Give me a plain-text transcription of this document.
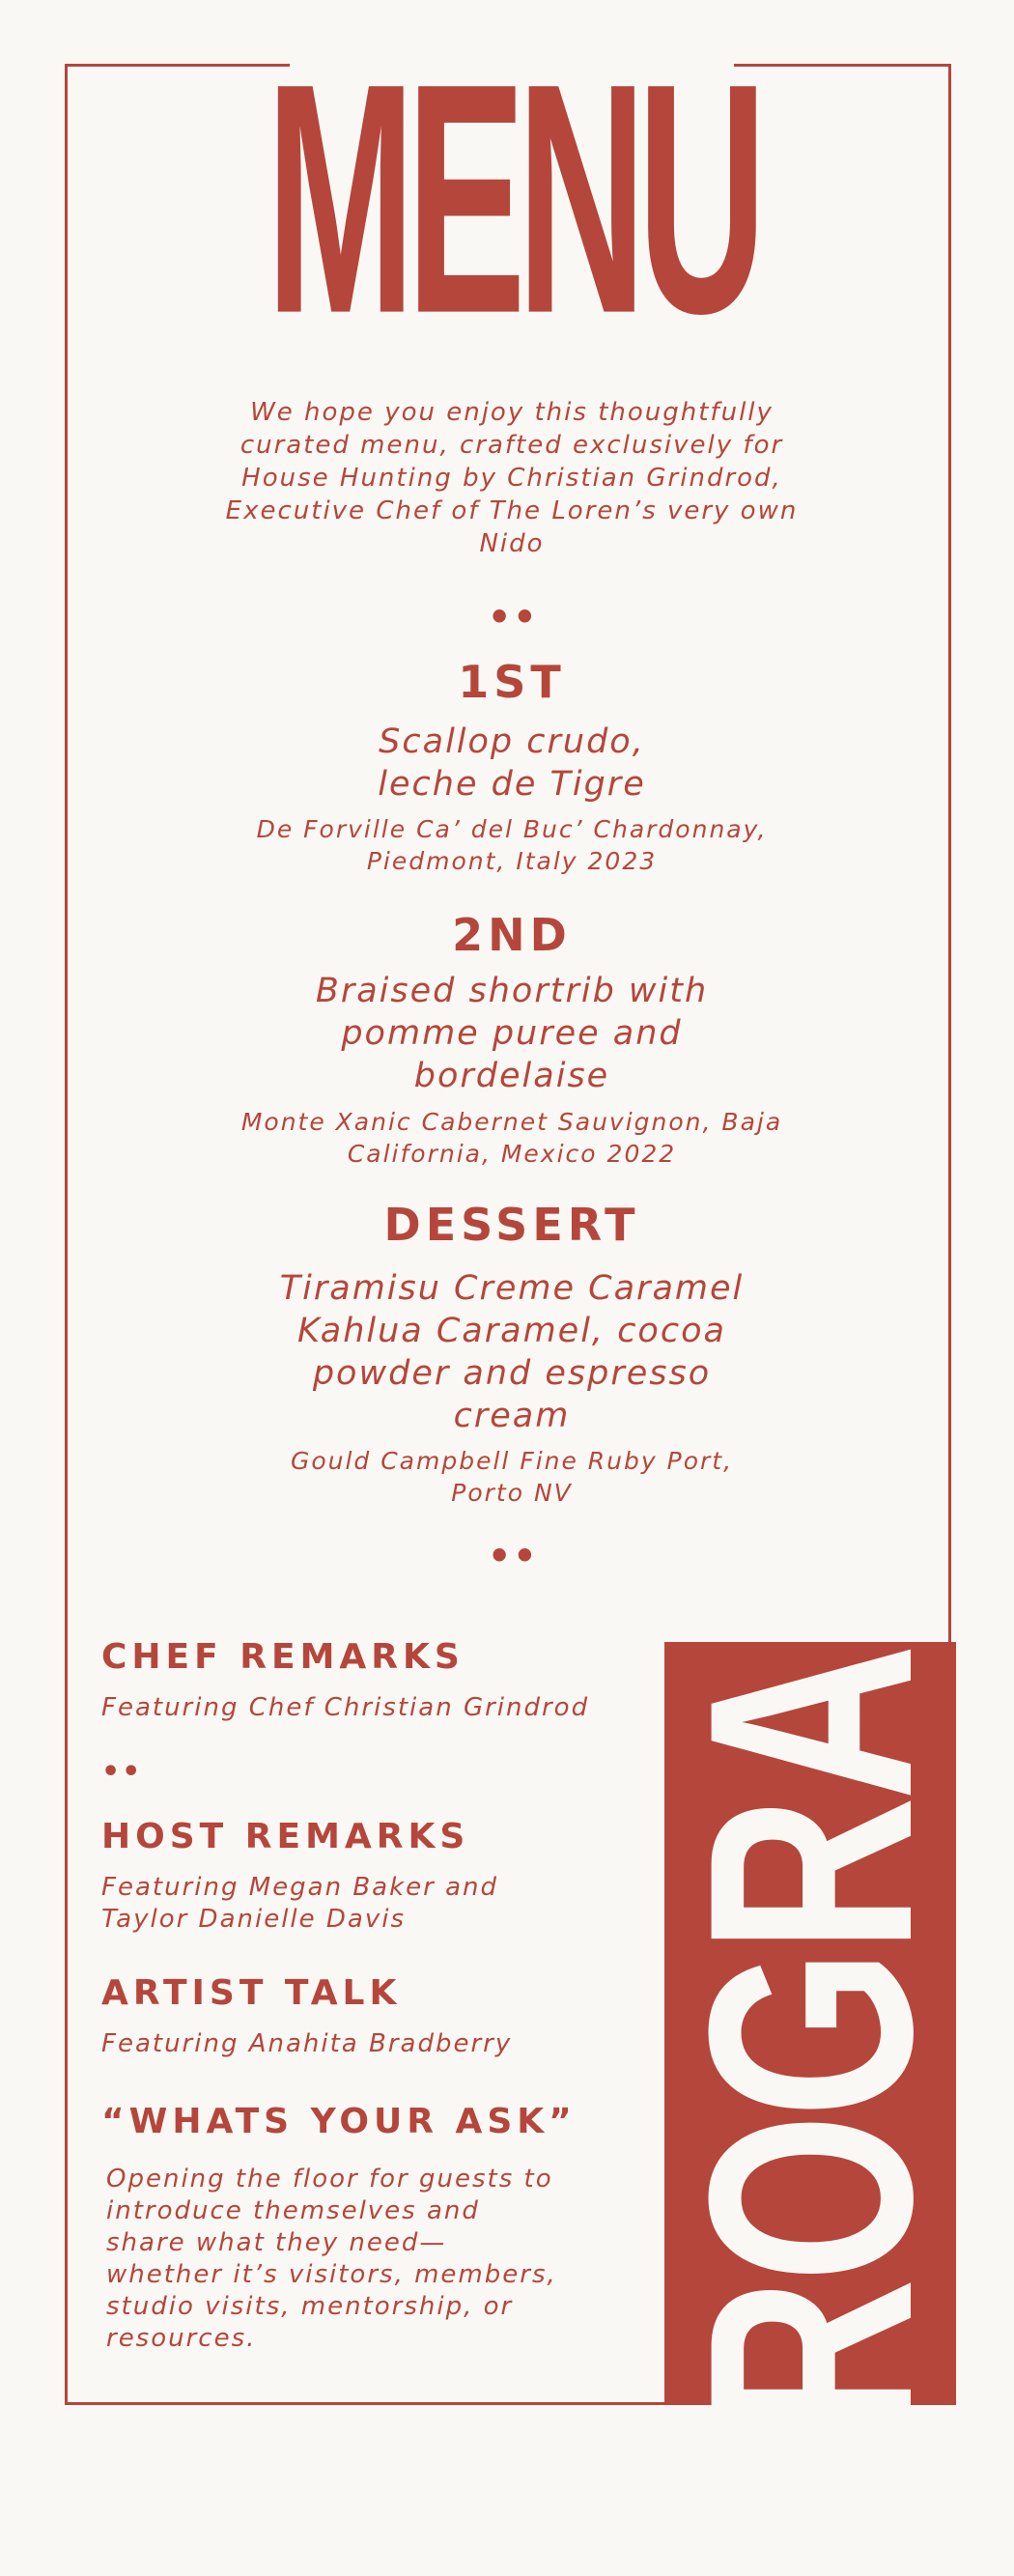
MENU
We hope you enjoy this thoughtfully curated menu, crafted exclusively for House Hunting by Christian Grindrod, Executive Chef of The Loren’s very own Nido
••
1ST
Scallop crudo, leche de Tigre
De Forville Ca’ del Buc’ Chardonnay, Piedmont, Italy 2023
2ND
Braised shortrib with pomme puree and bordelaise
Monte Xanic Cabernet Sauvignon, Baja California, Mexico 2022
DESSERT
Tiramisu Creme Caramel Kahlua Caramel, cocoa powder and espresso cream
Gould Campbell Fine Ruby Port, Porto NV
•• PROGRAM
CHEF REMARKS
Featuring Chef Christian Grindrod
••
HOST REMARKS
Featuring Megan Baker and Taylor Danielle Davis
ARTIST TALK
Featuring Anahita Bradberry
“WHATS YOUR ASK”
Opening the floor for guests to introduce themselves and share what they need—whether it’s visitors, members, studio visits, mentorship, or resources.
